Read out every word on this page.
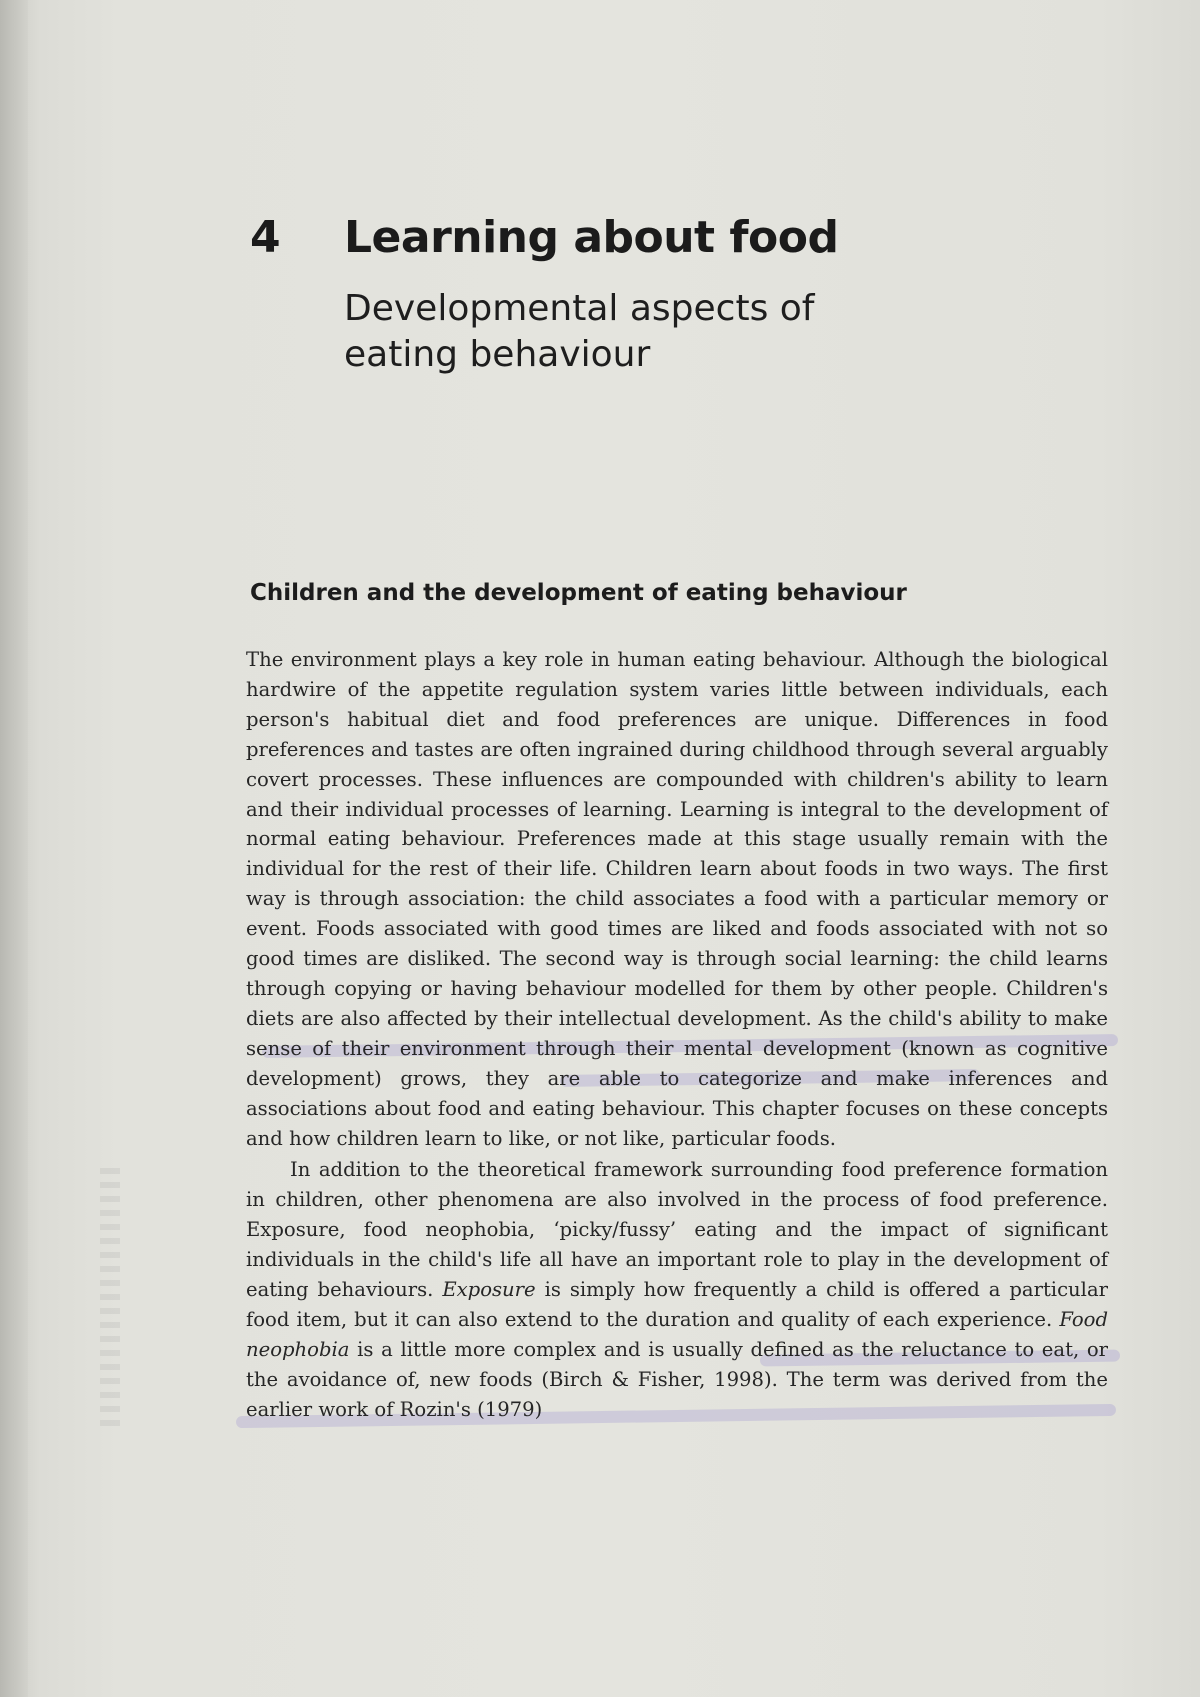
4 Learning about food
Developmental aspects of eating behaviour
Children and the development of eating behaviour

The environment plays a key role in human eating behaviour. Although the biological hardwire of the appetite regulation system varies little between individuals, each person's habitual diet and food preferences are unique. Differences in food preferences and tastes are often ingrained during childhood through several arguably covert processes. These influences are compounded with children's ability to learn and their individual processes of learning. Learning is integral to the development of normal eating behaviour. Preferences made at this stage usually remain with the individual for the rest of their life. Children learn about foods in two ways. The first way is through association: the child associates a food with a particular memory or event. Foods associated with good times are liked and foods associated with not so good times are disliked. The second way is through social learning: the child learns through copying or having behaviour modelled for them by other people. Children's diets are also affected by their intellectual development. As the child's ability to make sense of their environment through their mental development (known as cognitive development) grows, they are able to categorize and make inferences and associations about food and eating behaviour. This chapter focuses on these concepts and how children learn to like, or not like, particular foods.

In addition to the theoretical framework surrounding food preference formation in children, other phenomena are also involved in the process of food preference. Exposure, food neophobia, ‘picky/fussy’ eating and the impact of significant individuals in the child's life all have an important role to play in the development of eating behaviours. Exposure is simply how frequently a child is offered a particular food item, but it can also extend to the duration and quality of each experience. Food neophobia is a little more complex and is usually defined as the reluctance to eat, or the avoidance of, new foods (Birch & Fisher, 1998). The term was derived from the earlier work of Rozin's (1979)
